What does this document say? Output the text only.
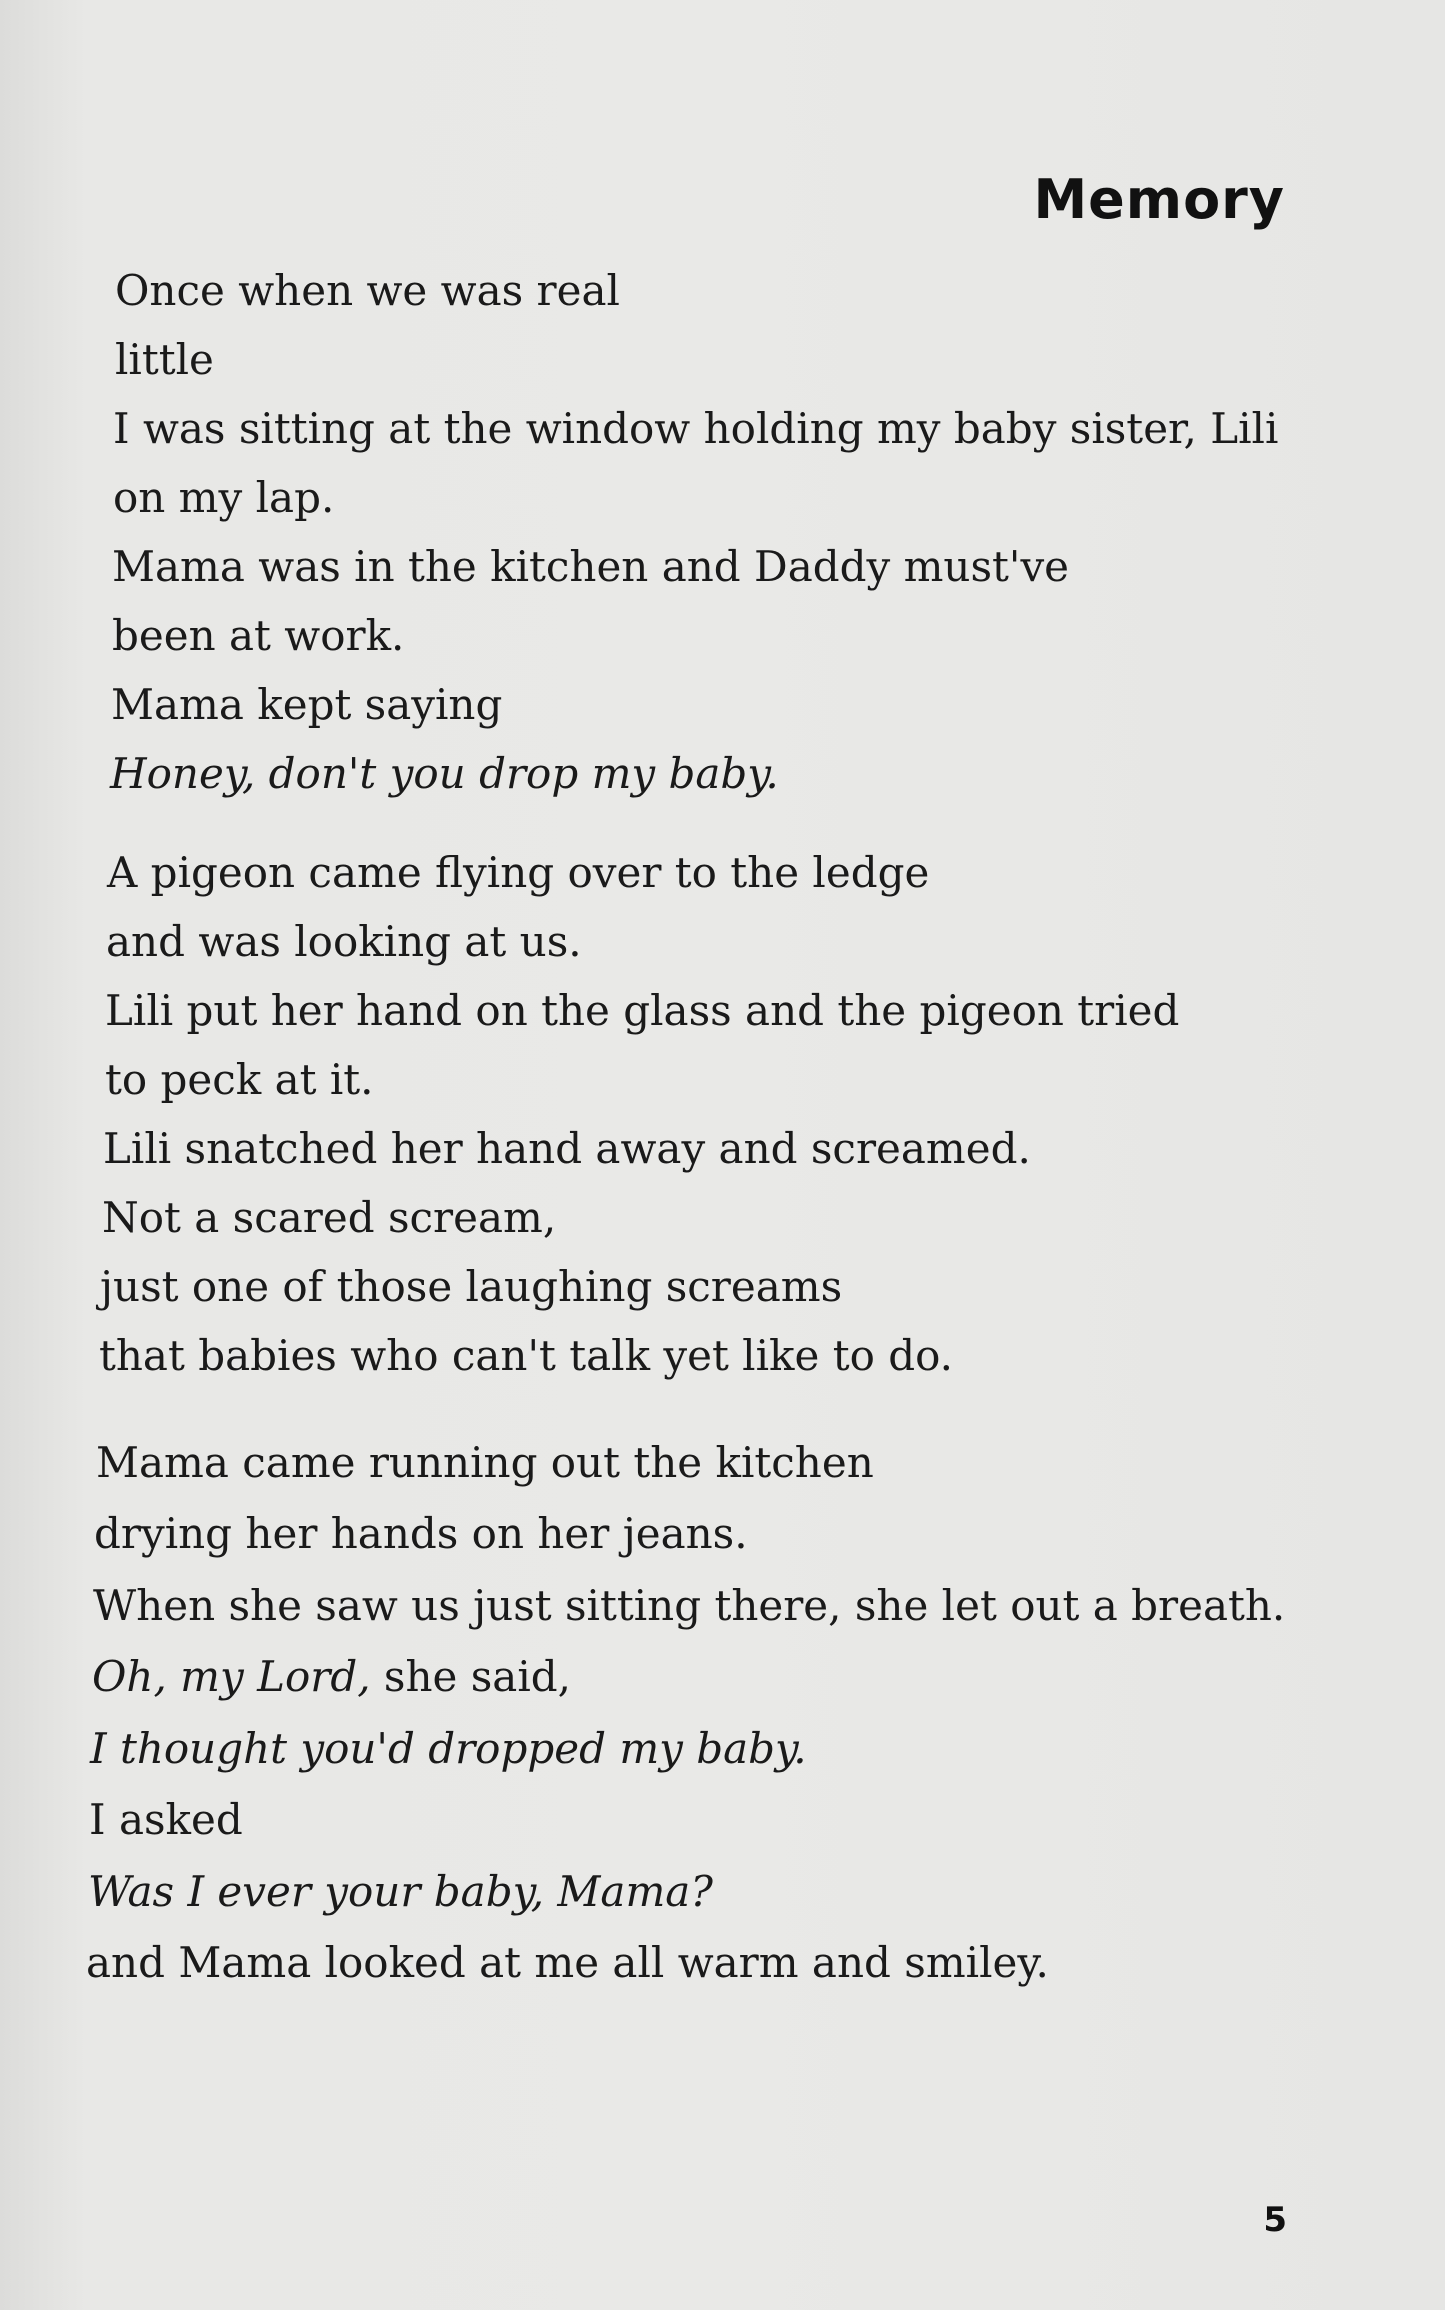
Memory
Once when we was real
little
I was sitting at the window holding my baby sister, Lili
on my lap.
Mama was in the kitchen and Daddy must've
been at work.
Mama kept saying
Honey, don't you drop my baby.
A pigeon came flying over to the ledge
and was looking at us.
Lili put her hand on the glass and the pigeon tried
to peck at it.
Lili snatched her hand away and screamed.
Not a scared scream,
just one of those laughing screams
that babies who can't talk yet like to do.
Mama came running out the kitchen
drying her hands on her jeans.
When she saw us just sitting there, she let out a breath.
Oh, my Lord, she said,
I thought you'd dropped my baby.
I asked
Was I ever your baby, Mama?
and Mama looked at me all warm and smiley.
5
